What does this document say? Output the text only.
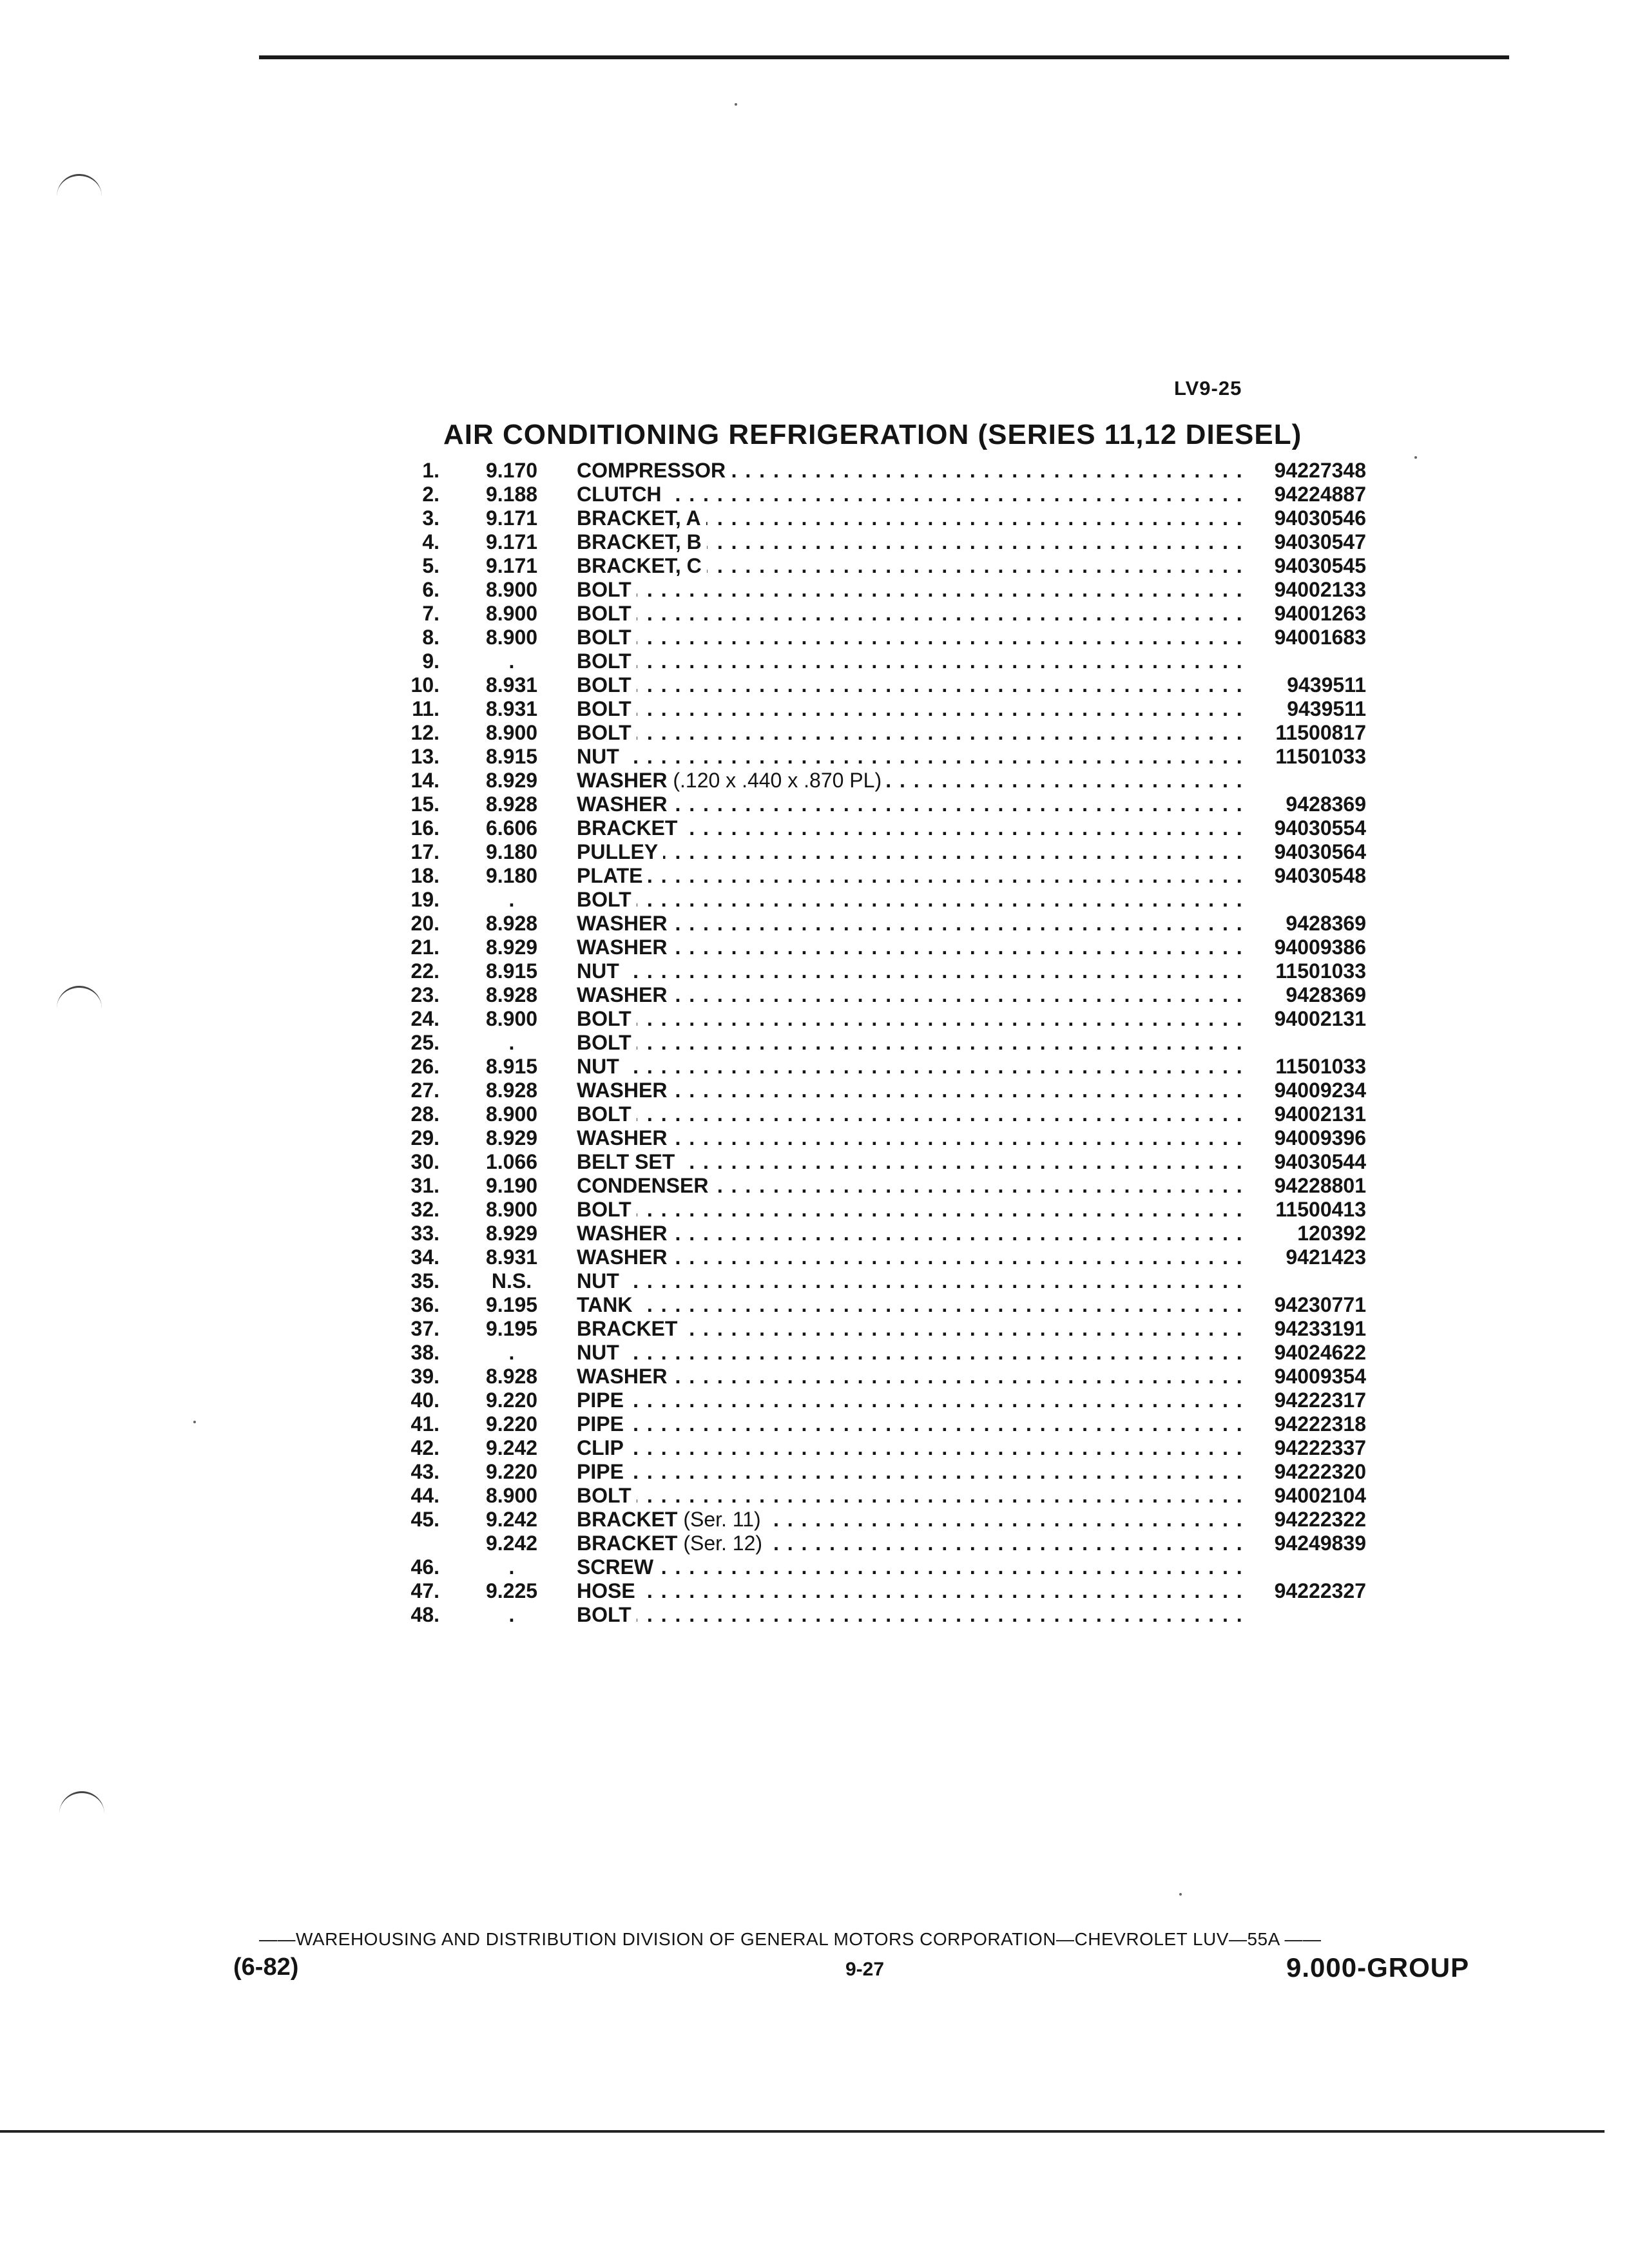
LV9-25
AIR CONDITIONING REFRIGERATION (SERIES 11,12 DIESEL)
1.	9.170	COMPRESSOR . . .	94227348
2.	9.188	CLUTCH . . .	94224887
3.	9.171	BRACKET, A . . .	94030546
4.	9.171	BRACKET, B . . .	94030547
5.	9.171	BRACKET, C . . .	94030545
6.	8.900	BOLT . . .	94002133
7.	8.900	BOLT . . .	94001263
8.	8.900	BOLT . . .	94001683
9.	.	BOLT . . .
10.	8.931	BOLT . . .	9439511
11.	8.931	BOLT . . .	9439511
12.	8.900	BOLT . . .	11500817
13.	8.915	NUT . . .	11501033
14.	8.929	WASHER (.120 x .440 x .870 PL) . . .
15.	8.928	WASHER . . .	9428369
16.	6.606	BRACKET . . .	94030554
17.	9.180	PULLEY . . .	94030564
18.	9.180	PLATE . . .	94030548
19.	.	BOLT . . .
20.	8.928	WASHER . . .	9428369
21.	8.929	WASHER . . .	94009386
22.	8.915	NUT . . .	11501033
23.	8.928	WASHER . . .	9428369
24.	8.900	BOLT . . .	94002131
25.	.	BOLT . . .
26.	8.915	NUT . . .	11501033
27.	8.928	WASHER . . .	94009234
28.	8.900	BOLT . . .	94002131
29.	8.929	WASHER . . .	94009396
30.	1.066	BELT SET . . .	94030544
31.	9.190	CONDENSER . . .	94228801
32.	8.900	BOLT . . .	11500413
33.	8.929	WASHER . . .	120392
34.	8.931	WASHER . . .	9421423
35.	N.S.	NUT . . .
36.	9.195	TANK . . .	94230771
37.	9.195	BRACKET . . .	94233191
38.	.	NUT . . .	94024622
39.	8.928	WASHER . . .	94009354
40.	9.220	PIPE . . .	94222317
41.	9.220	PIPE . . .	94222318
42.	9.242	CLIP . . .	94222337
43.	9.220	PIPE . . .	94222320
44.	8.900	BOLT . . .	94002104
45.	9.242	BRACKET (Ser. 11) . . .	94222322
9.242	BRACKET (Ser. 12) . . .	94249839
46.	.	SCREW . . .
47.	9.225	HOSE . . .	94222327
48.	.	BOLT . . .
——WAREHOUSING AND DISTRIBUTION DIVISION OF GENERAL MOTORS CORPORATION—CHEVROLET LUV—55A ——
(6-82)	9-27	9.000-GROUP
